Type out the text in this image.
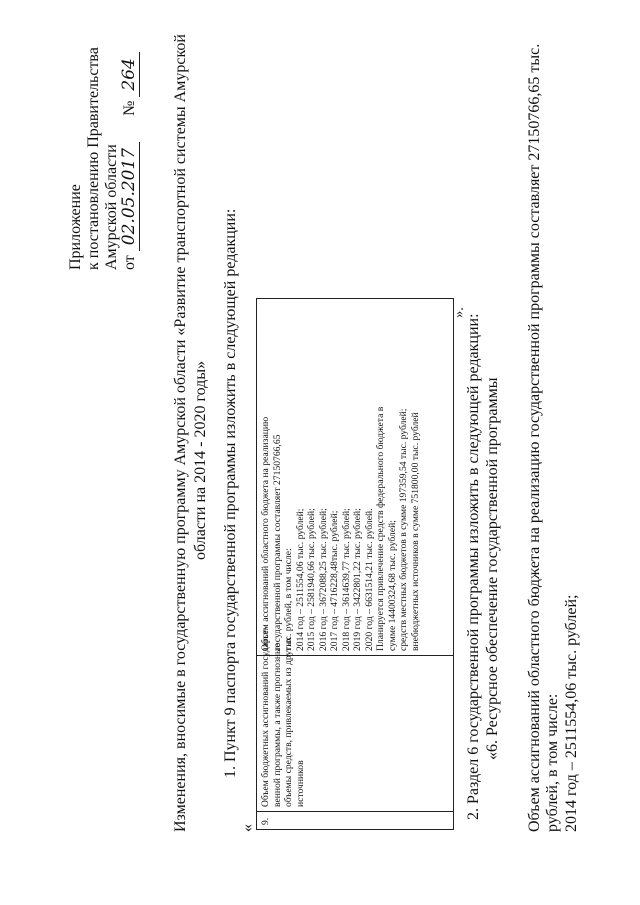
Приложение к постановлению Правительства Амурской области от 02.05.2017  № 264 Изменения, вносимые в государственную программу Амурской области «Развитие транспортной системы Амурской области на 2014 - 2020 годы» 1. Пункт 9 паспорта государственной программы изложить в следующей редакции:
«
9.
Объем бюджетных ассигнований государст- венной программы, а также прогнозные объемы средств, привлекаемых из других источников
Объем ассигнований областного бюджета на реализацию государственной программы составляет 27150766,65 тыс. рублей, в том числе: 2014 год – 2511554,06 тыс. рублей; 2015 год – 2581940,66 тыс. рублей; 2016 год – 3672088,25 тыс. рублей; 2017 год – 4716228,48тыс. рублей; 2018 год – 3614639,77 тыс. рублей; 2019 год – 3422801,22 тыс. рублей; 2020 год – 6631514,21 тыс. рублей. Планируется привлечение средств федерального бюджета в сумме 14400324,68 тыс. рублей; средств местных бюджетов в сумме 197359,54 тыс. рублей; внебюджетных источников в сумме 751800,00 тыс. рублей
».
2. Раздел 6 государственной программы изложить в следующей редакции: «6. Ресурсное обеспечение государственной программы Объем ассигнований областного бюджета на реализацию государственной программы составляет 27150766,65 тыс. рублей, в том числе: 2014 год – 2511554,06 тыс. рублей;
